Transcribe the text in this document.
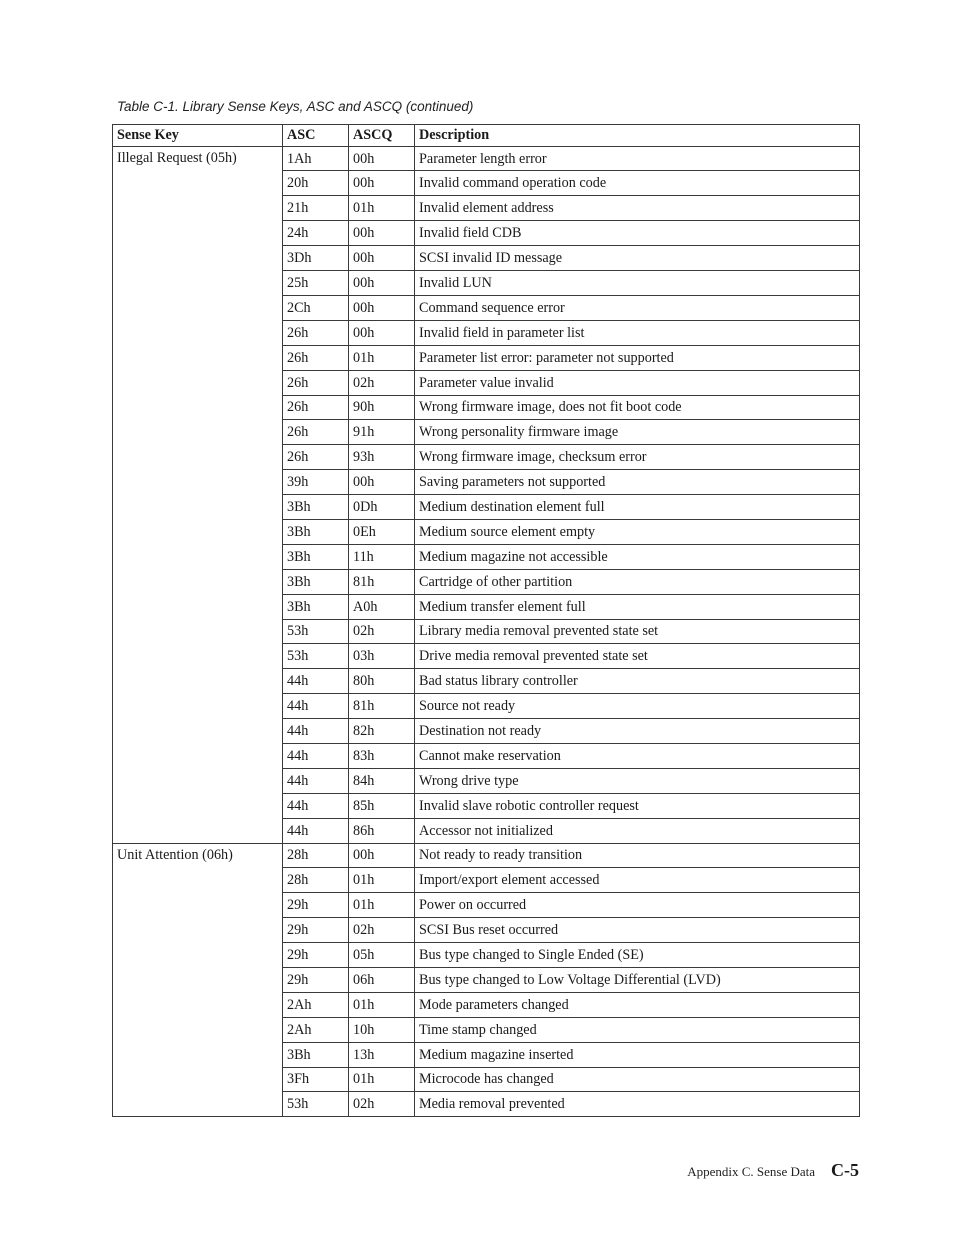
Table C-1. Library Sense Keys, ASC and ASCQ (continued)
Sense Key	ASC	ASCQ	Description
Illegal Request (05h)	1Ah	00h	Parameter length error
	20h	00h	Invalid command operation code
	21h	01h	Invalid element address
	24h	00h	Invalid field CDB
	3Dh	00h	SCSI invalid ID message
	25h	00h	Invalid LUN
	2Ch	00h	Command sequence error
	26h	00h	Invalid field in parameter list
	26h	01h	Parameter list error: parameter not supported
	26h	02h	Parameter value invalid
	26h	90h	Wrong firmware image, does not fit boot code
	26h	91h	Wrong personality firmware image
	26h	93h	Wrong firmware image, checksum error
	39h	00h	Saving parameters not supported
	3Bh	0Dh	Medium destination element full
	3Bh	0Eh	Medium source element empty
	3Bh	11h	Medium magazine not accessible
	3Bh	81h	Cartridge of other partition
	3Bh	A0h	Medium transfer element full
	53h	02h	Library media removal prevented state set
	53h	03h	Drive media removal prevented state set
	44h	80h	Bad status library controller
	44h	81h	Source not ready
	44h	82h	Destination not ready
	44h	83h	Cannot make reservation
	44h	84h	Wrong drive type
	44h	85h	Invalid slave robotic controller request
	44h	86h	Accessor not initialized
Unit Attention (06h)	28h	00h	Not ready to ready transition
	28h	01h	Import/export element accessed
	29h	01h	Power on occurred
	29h	02h	SCSI Bus reset occurred
	29h	05h	Bus type changed to Single Ended (SE)
	29h	06h	Bus type changed to Low Voltage Differential (LVD)
	2Ah	01h	Mode parameters changed
	2Ah	10h	Time stamp changed
	3Bh	13h	Medium magazine inserted
	3Fh	01h	Microcode has changed
	53h	02h	Media removal prevented
Appendix C. Sense Data C-5
